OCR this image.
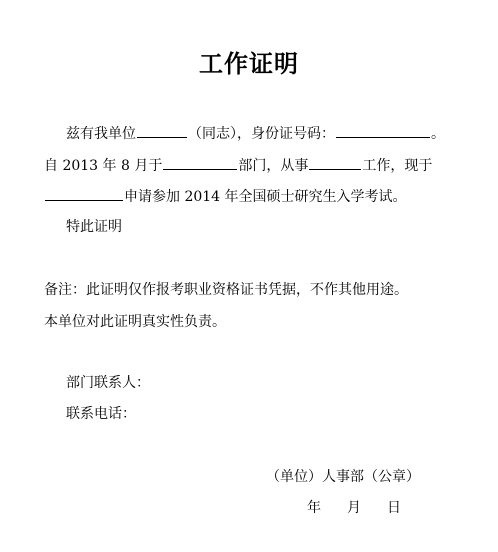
工作证明
兹有我单位	（同志），身份证号码：	。
自 2013 年 8 月于	部门，从事	工作，现于
申请参加 2014 年全国硕士研究生入学考试。
特此证明
备注：此证明仅作报考职业资格证书凭据，不作其他用途。
本单位对此证明真实性负责。
部门联系人：
联系电话：
（单位）人事部（公章）
年　月　日
